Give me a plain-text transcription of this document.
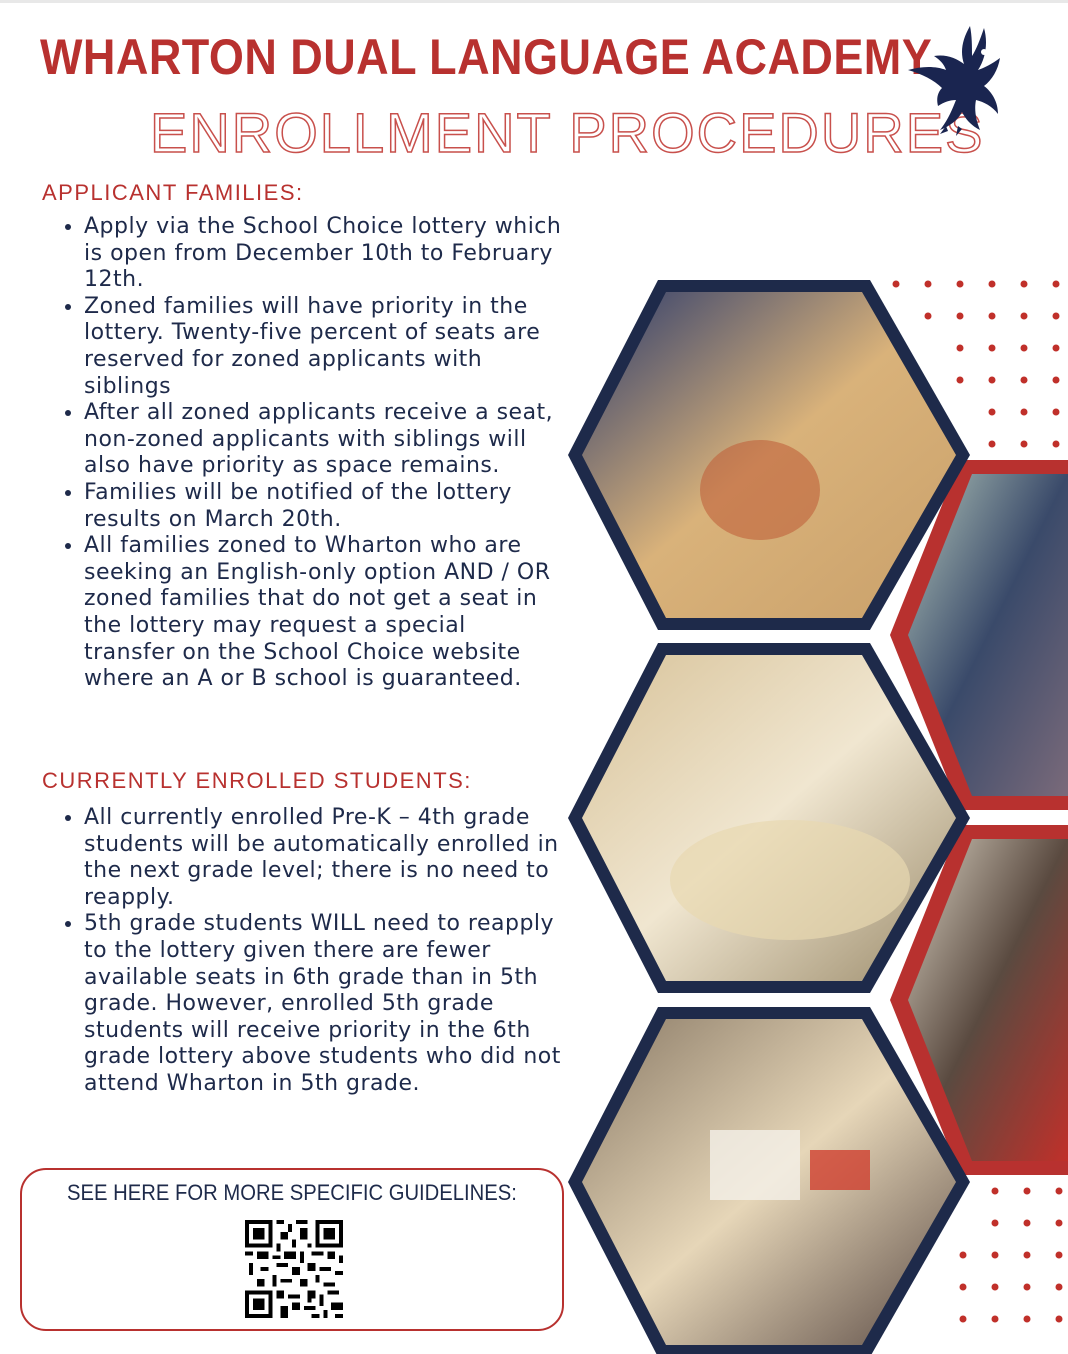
WHARTON DUAL LANGUAGE ACADEMY
ENROLLMENT PROCEDURES
APPLICANT FAMILIES:
• Apply via the School Choice lottery which is open from December 10th to February 12th.
• Zoned families will have priority in the lottery. Twenty-five percent of seats are reserved for zoned applicants with siblings
• After all zoned applicants receive a seat, non-zoned applicants with siblings will also have priority as space remains.
• Families will be notified of the lottery results on March 20th.
• All families zoned to Wharton who are seeking an English-only option AND / OR zoned families that do not get a seat in the lottery may request a special transfer on the School Choice website where an A or B school is guaranteed.
CURRENTLY ENROLLED STUDENTS:
• All currently enrolled Pre-K – 4th grade students will be automatically enrolled in the next grade level; there is no need to reapply.
• 5th grade students WILL need to reapply to the lottery given there are fewer available seats in 6th grade than in 5th grade. However, enrolled 5th grade students will receive priority in the 6th grade lottery above students who did not attend Wharton in 5th grade.
SEE HERE FOR MORE SPECIFIC GUIDELINES:
